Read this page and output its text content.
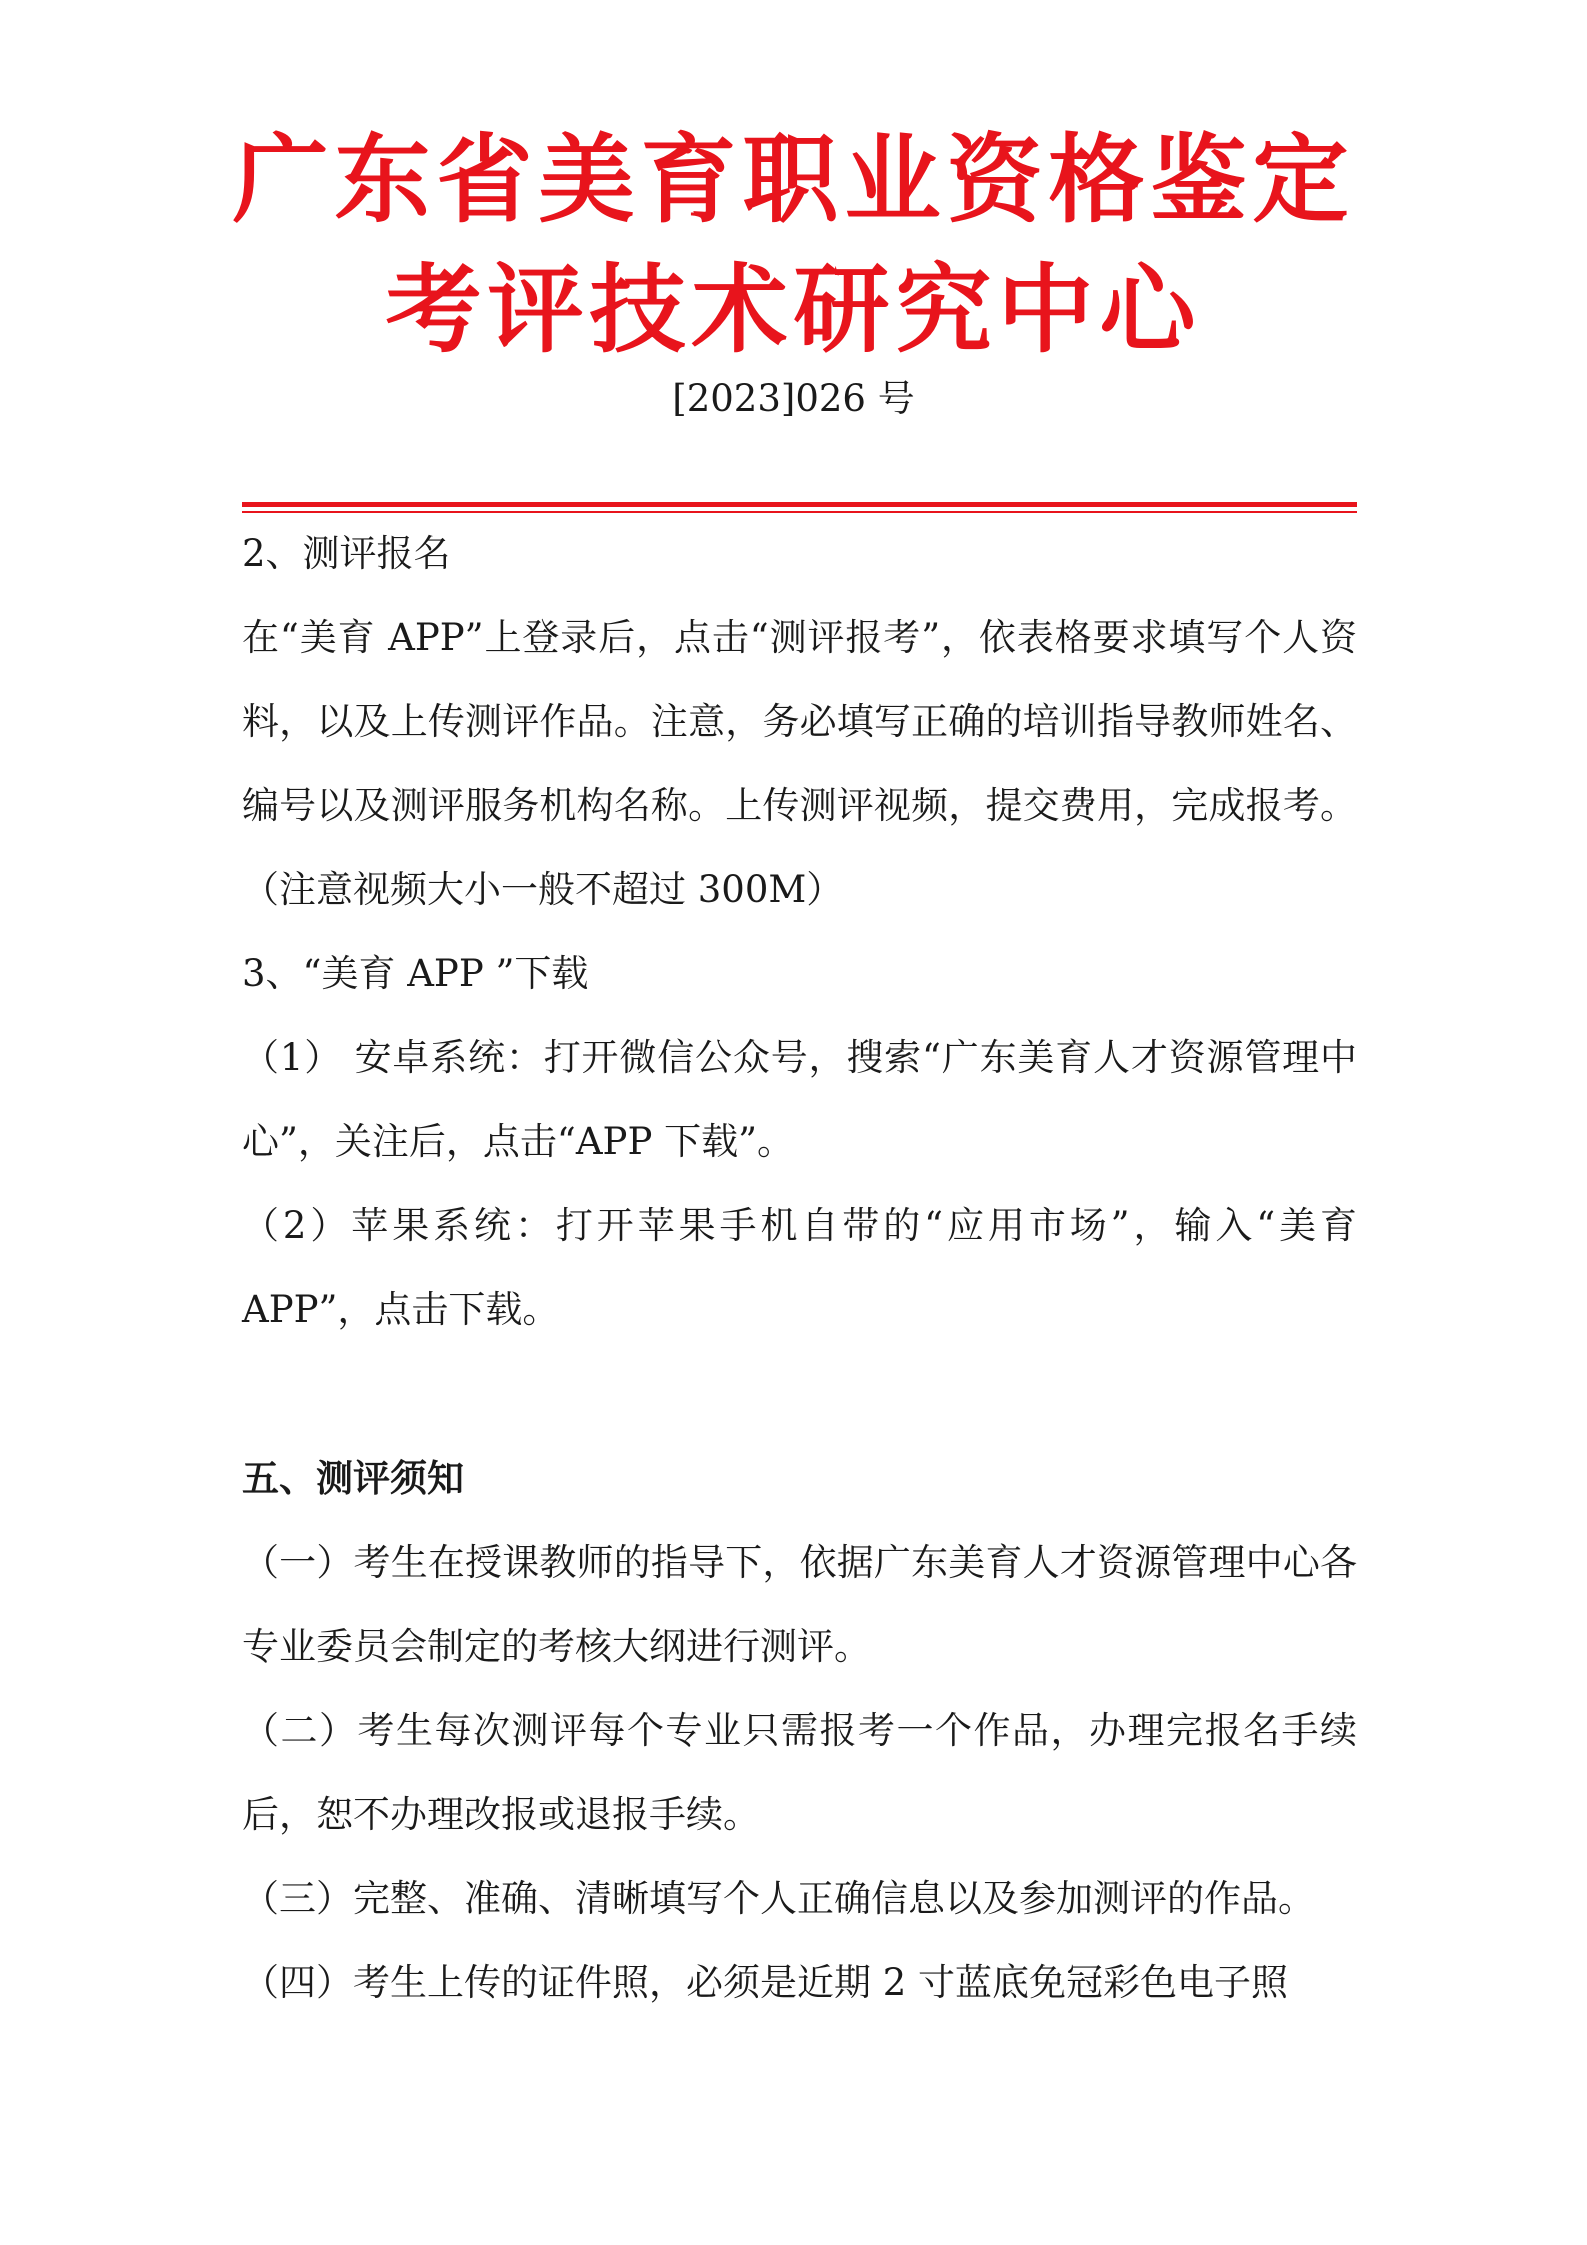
广东省美育职业资格鉴定
考评技术研究中心
[2023]026 号
2、测评报名
在“美育 APP”上登录后，点击“测评报考”，依表格要求填写个人资料，以及上传测评作品。注意，务必填写正确的培训指导教师姓名、编号以及测评服务机构名称。上传测评视频，提交费用，完成报考。（注意视频大小一般不超过 300M）
3、“美育 APP ”下载
（1） 安卓系统：打开微信公众号，搜索“广东美育人才资源管理中心”，关注后，点击“APP 下载”。
（2）苹果系统：打开苹果手机自带的“应用市场”，输入“美育 APP”，点击下载。
五、测评须知
（一）考生在授课教师的指导下，依据广东美育人才资源管理中心各专业委员会制定的考核大纲进行测评。
（二）考生每次测评每个专业只需报考一个作品，办理完报名手续后，恕不办理改报或退报手续。
（三）完整、准确、清晰填写个人正确信息以及参加测评的作品。
（四）考生上传的证件照，必须是近期 2 寸蓝底免冠彩色电子照
